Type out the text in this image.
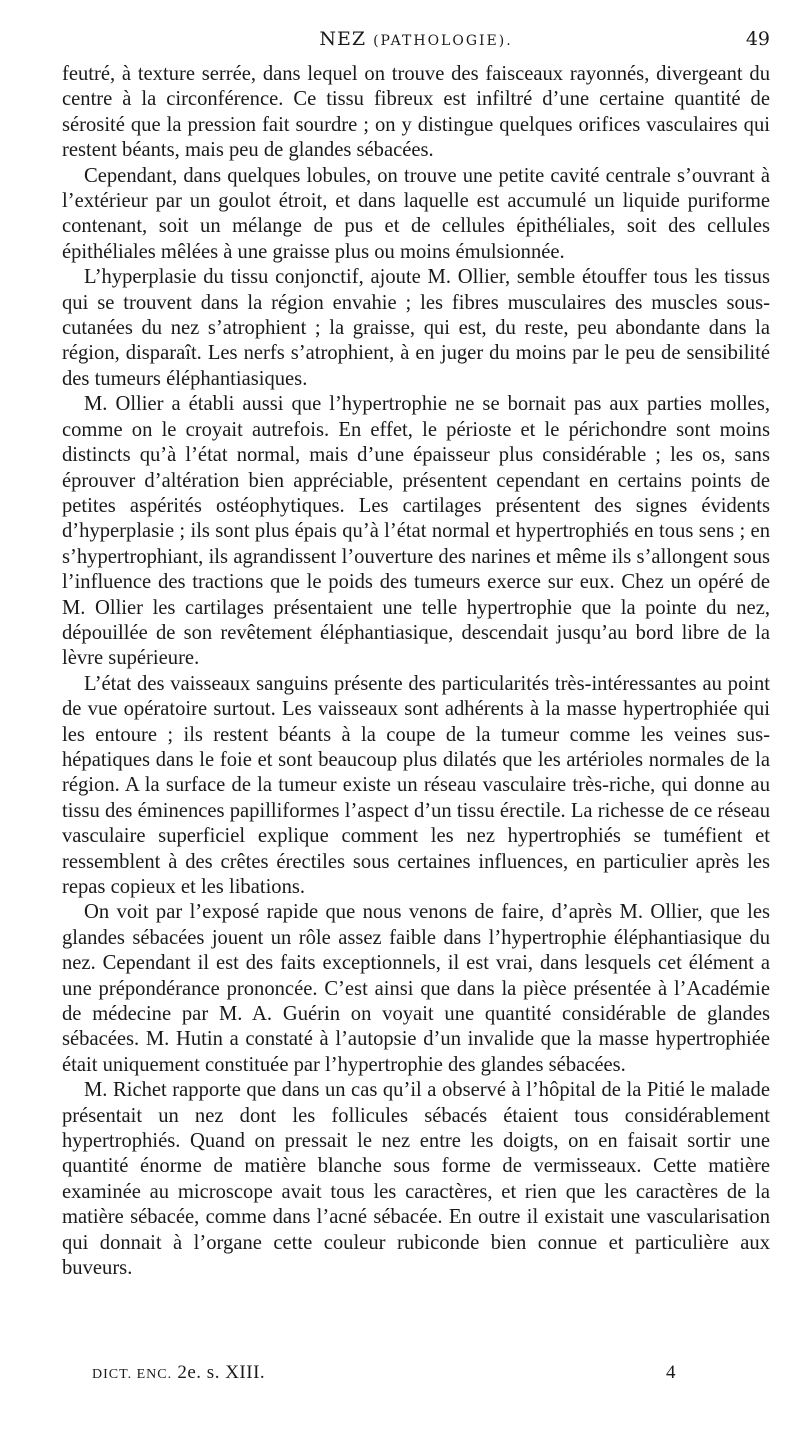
NEZ (PATHOLOGIE).	49

feutré, à texture serrée, dans lequel on trouve des faisceaux rayonnés, divergeant du centre à la circonférence. Ce tissu fibreux est infiltré d’une certaine quantité de sérosité que la pression fait sourdre ; on y distingue quelques orifices vasculaires qui restent béants, mais peu de glandes sébacées.

Cependant, dans quelques lobules, on trouve une petite cavité centrale s’ouvrant à l’extérieur par un goulot étroit, et dans laquelle est accumulé un liquide puriforme contenant, soit un mélange de pus et de cellules épithéliales, soit des cellules épithéliales mêlées à une graisse plus ou moins émulsionnée.

L’hyperplasie du tissu conjonctif, ajoute M. Ollier, semble étouffer tous les tissus qui se trouvent dans la région envahie ; les fibres musculaires des muscles sous-cutanées du nez s’atrophient ; la graisse, qui est, du reste, peu abondante dans la région, disparaît. Les nerfs s’atrophient, à en juger du moins par le peu de sensibilité des tumeurs éléphantiasiques.

M. Ollier a établi aussi que l’hypertrophie ne se bornait pas aux parties molles, comme on le croyait autrefois. En effet, le périoste et le périchondre sont moins distincts qu’à l’état normal, mais d’une épaisseur plus considérable ; les os, sans éprouver d’altération bien appréciable, présentent cependant en certains points de petites aspérités ostéophytiques. Les cartilages présentent des signes évidents d’hyperplasie ; ils sont plus épais qu’à l’état normal et hypertrophiés en tous sens ; en s’hypertrophiant, ils agrandissent l’ouverture des narines et même ils s’allongent sous l’influence des tractions que le poids des tumeurs exerce sur eux. Chez un opéré de M. Ollier les cartilages présentaient une telle hypertrophie que la pointe du nez, dépouillée de son revêtement éléphantiasique, descendait jusqu’au bord libre de la lèvre supérieure.

L’état des vaisseaux sanguins présente des particularités très-intéressantes au point de vue opératoire surtout. Les vaisseaux sont adhérents à la masse hypertrophiée qui les entoure ; ils restent béants à la coupe de la tumeur comme les veines sus-hépatiques dans le foie et sont beaucoup plus dilatés que les artérioles normales de la région. A la surface de la tumeur existe un réseau vasculaire très-riche, qui donne au tissu des éminences papilliformes l’aspect d’un tissu érectile. La richesse de ce réseau vasculaire superficiel explique comment les nez hypertrophiés se tuméfient et ressemblent à des crêtes érectiles sous certaines influences, en particulier après les repas copieux et les libations.

On voit par l’exposé rapide que nous venons de faire, d’après M. Ollier, que les glandes sébacées jouent un rôle assez faible dans l’hypertrophie éléphantiasique du nez. Cependant il est des faits exceptionnels, il est vrai, dans lesquels cet élément a une prépondérance prononcée. C’est ainsi que dans la pièce présentée à l’Académie de médecine par M. A. Guérin on voyait une quantité considérable de glandes sébacées. M. Hutin a constaté à l’autopsie d’un invalide que la masse hypertrophiée était uniquement constituée par l’hypertrophie des glandes sébacées.

M. Richet rapporte que dans un cas qu’il a observé à l’hôpital de la Pitié le malade présentait un nez dont les follicules sébacés étaient tous considérablement hypertrophiés. Quand on pressait le nez entre les doigts, on en faisait sortir une quantité énorme de matière blanche sous forme de vermisseaux. Cette matière examinée au microscope avait tous les caractères, et rien que les caractères de la matière sébacée, comme dans l’acné sébacée. En outre il existait une vascularisation qui donnait à l’organe cette couleur rubiconde bien connue et particulière aux buveurs.

DICT. ENC. 2e. s. XIII.	4
